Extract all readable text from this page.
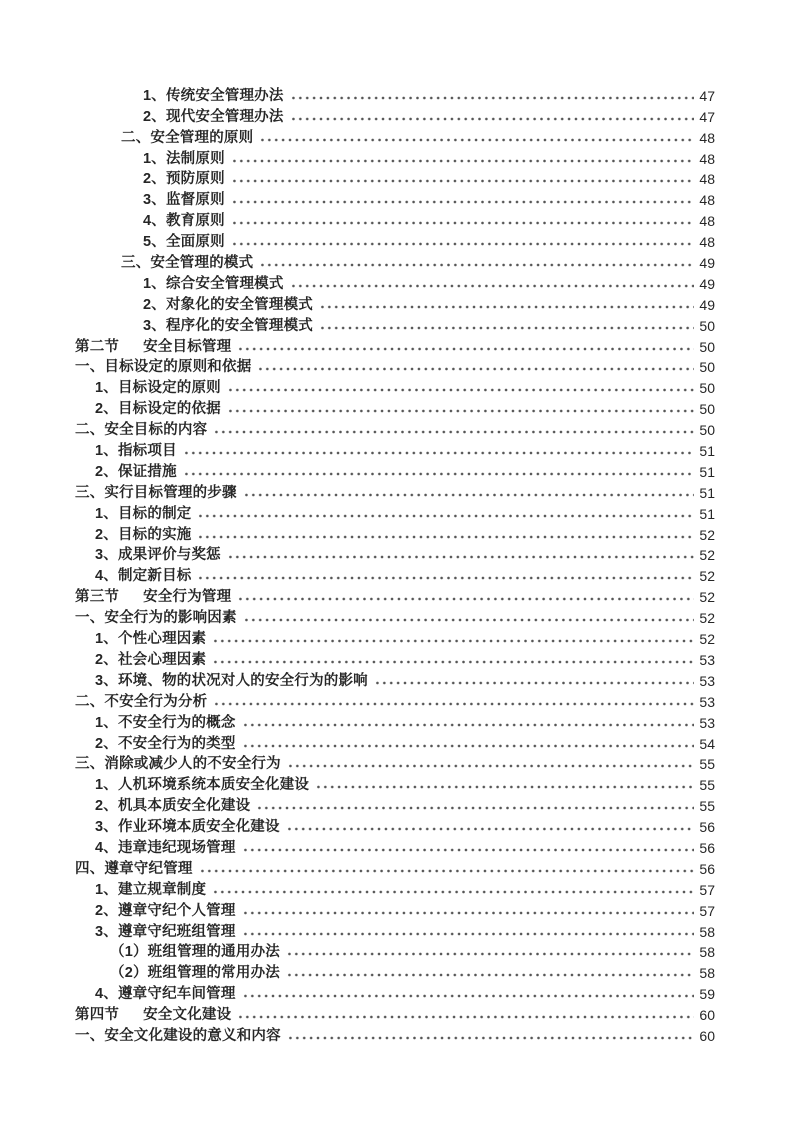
1、传统安全管理办法	47
2、现代安全管理办法	47
二、安全管理的原则	48
1、法制原则	48
2、预防原则	48
3、监督原则	48
4、教育原则	48
5、全面原则	48
三、安全管理的模式	49
1、综合安全管理模式	49
2、对象化的安全管理模式	49
3、程序化的安全管理模式	50
第二节 安全目标管理	50
一、目标设定的原则和依据	50
1、目标设定的原则	50
2、目标设定的依据	50
二、安全目标的内容	50
1、指标项目	51
2、保证措施	51
三、实行目标管理的步骤	51
1、目标的制定	51
2、目标的实施	52
3、成果评价与奖惩	52
4、制定新目标	52
第三节 安全行为管理	52
一、安全行为的影响因素	52
1、个性心理因素	52
2、社会心理因素	53
3、环境、物的状况对人的安全行为的影响	53
二、不安全行为分析	53
1、不安全行为的概念	53
2、不安全行为的类型	54
三、消除或减少人的不安全行为	55
1、人机环境系统本质安全化建设	55
2、机具本质安全化建设	55
3、作业环境本质安全化建设	56
4、违章违纪现场管理	56
四、遵章守纪管理	56
1、建立规章制度	57
2、遵章守纪个人管理	57
3、遵章守纪班组管理	58
（1）班组管理的通用办法	58
（2）班组管理的常用办法	58
4、遵章守纪车间管理	59
第四节 安全文化建设	60
一、安全文化建设的意义和内容	60
